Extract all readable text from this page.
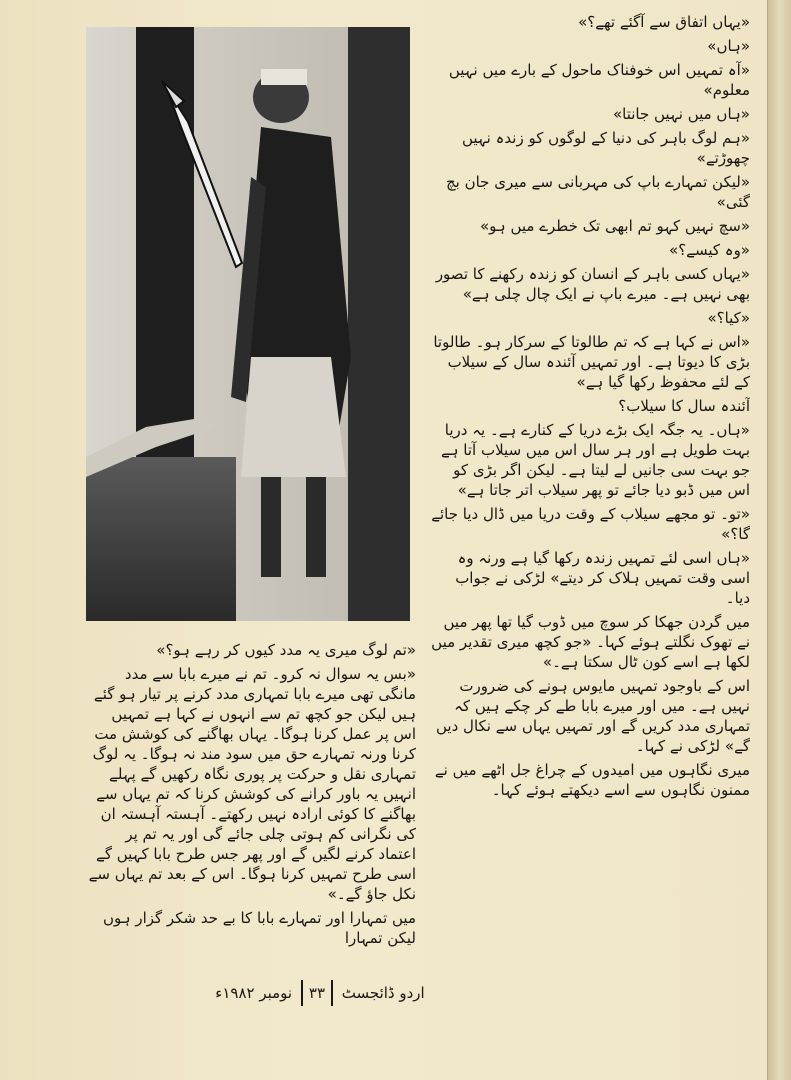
«یہاں اتفاق سے آگئے تھے؟»

«ہاں»

«آہ تمہیں اس خوفناک ماحول کے بارے میں نہیں معلوم»

«ہاں میں نہیں جانتا»

«ہم لوگ باہر کی دنیا کے لوگوں کو زندہ نہیں چھوڑتے»

«لیکن تمہارے باپ کی مہربانی سے میری جان بچ گئی»

«سچ نہیں کہو تم ابھی تک خطرے میں ہو»

«وہ کیسے؟»

«یہاں کسی باہر کے انسان کو زندہ رکھنے کا تصور بھی نہیں ہے۔ میرے باپ نے ایک چال چلی ہے»

«کیا؟»

«اس نے کہا ہے کہ تم طالوتا کے سرکار ہو۔ طالوتا بڑی کا دیوتا ہے۔ اور تمہیں آئندہ سال کے سیلاب کے لئے محفوظ رکھا گیا ہے»

آئندہ سال کا سیلاب؟

«ہاں۔ یہ جگہ ایک بڑے دریا کے کنارے ہے۔ یہ دریا بہت طویل ہے اور ہر سال اس میں سیلاب آتا ہے جو بہت سی جانیں لے لیتا ہے۔ لیکن اگر بڑی کو اس میں ڈبو دیا جائے تو پھر سیلاب اتر جاتا ہے»

«تو۔ تو مجھے سیلاب کے وقت دریا میں ڈال دیا جائے گا؟»

«ہاں اسی لئے تمہیں زندہ رکھا گیا ہے ورنہ وہ اسی وقت تمہیں ہلاک کر دیتے» لڑکی نے جواب دیا۔

میں گردن جھکا کر سوچ میں ڈوب گیا تھا پھر میں نے تھوک نگلتے ہوئے کہا۔ «جو کچھ میری تقدیر میں لکھا ہے اسے کون ٹال سکتا ہے۔»

اس کے باوجود تمہیں مایوس ہونے کی ضرورت نہیں ہے۔ میں اور میرے بابا طے کر چکے ہیں کہ تمہاری مدد کریں گے اور تمہیں یہاں سے نکال دیں گے» لڑکی نے کہا۔

میری نگاہوں میں امیدوں کے چراغ جل اٹھے میں نے ممنون نگاہوں سے اسے دیکھتے ہوئے کہا۔

«تم لوگ میری یہ مدد کیوں کر رہے ہو؟»

«بس یہ سوال نہ کرو۔ تم نے میرے بابا سے مدد مانگی تھی میرے بابا تمہاری مدد کرنے پر تیار ہو گئے ہیں لیکن جو کچھ تم سے انہوں نے کہا ہے تمہیں اس پر عمل کرنا ہوگا۔ یہاں بھاگنے کی کوشش مت کرنا ورنہ تمہارے حق میں سود مند نہ ہوگا۔ یہ لوگ تمہاری نقل و حرکت پر پوری نگاہ رکھیں گے پہلے انہیں یہ باور کرانے کی کوشش کرنا کہ تم یہاں سے بھاگنے کا کوئی ارادہ نہیں رکھتے۔ آہستہ آہستہ ان کی نگرانی کم ہوتی چلی جائے گی اور یہ تم پر اعتماد کرنے لگیں گے اور پھر جس طرح بابا کہیں گے اسی طرح تمہیں کرنا ہوگا۔ اس کے بعد تم یہاں سے نکل جاؤ گے۔»

میں تمہارا اور تمہارے بابا کا بے حد شکر گزار ہوں لیکن تمہارا

اردو ڈائجسٹ ۳۳ نومبر ۱۹۸۲ء
